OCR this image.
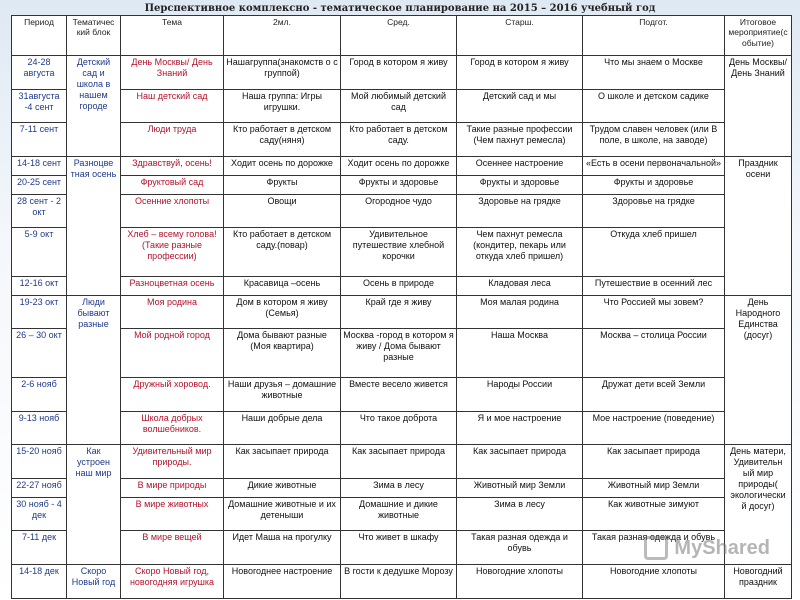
Перспективное комплексно - тематическое планирование на 2015 – 2016 учебный год
Период	Тематичес кий блок	Тема	2мл.	Сред.	Старш.	Подгот.	Итоговое мероприятие(с обытие)
24-28 августа	Детский сад и школа в нашем городе	День Москвы/ День Знаний	Нашагруппа(знакомств о с группой)	Город в котором я живу	Город в котором я живу	Что мы знаем о Москве	День Москвы/ День Знаний
31августа -4 сент		Наш детский сад	Наша группа: Игры игрушки.	Мой любимый детский сад	Детский сад и мы	О школе и детском садике	
7-11 сент		Люди труда	Кто работает в детском саду(няня)	Кто работает в детском саду.	Такие разные профессии (Чем пахнут ремесла)	Трудом славен человек (или В поле, в школе, на заводе)	
14-18 сент	Разноцве тная осень	Здравствуй, осень!	Ходит осень по дорожке	Ходит осень по дорожке	Осеннее настроение	«Есть в осени первоначальной»	Праздник осени
20-25 сент		Фруктовый сад	Фрукты	Фрукты и здоровье	Фрукты и здоровье	Фрукты и здоровье	
28 сент - 2 окт		Осенние хлопоты	Овощи	Огородное чудо	Здоровье на грядке	Здоровье на грядке	
5-9 окт		Хлеб – всему голова! (Такие разные профессии)	Кто работает в детском саду.(повар)	Удивительное путешествие хлебной корочки	Чем пахнут ремесла (кондитер, пекарь или откуда хлеб пришел)	Откуда хлеб пришел	
12-16 окт		Разноцветная осень	Красавица –осень	Осень в природе	Кладовая леса	Путешествие в осенний лес	
19-23 окт	Люди бывают разные	Моя родина	Дом в котором я живу (Семья)	Край где я живу	Моя малая родина	Что Россией мы зовем?	День Народного Единства (досуг)
26 – 30 окт		Мой родной город	Дома бывают разные (Моя квартира)	Москва -город в котором я живу / Дома бывают разные	Наша Москва	Москва – столица России	
2-6 нояб		Дружный хоровод.	Наши друзья – домашние животные	Вместе весело живется	Народы России	Дружат дети всей Земли	
9-13 нояб		Школа добрых волшебников.	Наши добрые дела	Что такое доброта	Я и мое настроение	Мое настроение (поведение)	
15-20 нояб	Как устроен наш мир	Удивительный мир природы.	Как засыпает природа	Как засыпает природа	Как засыпает природа	Как засыпает природа	День матери, Удивительн ый мир природы( экологически й досуг)
22-27 нояб		В мире природы	Дикие животные	Зима в лесу	Животный мир Земли	Животный мир Земли	
30 нояб - 4 дек		В мире животных	Домашние животные и их детеныши	Домашние и дикие животные	Зима в лесу	Как животные зимуют	
7-11 дек		В мире вещей	Идет Маша на прогулку	Что живет в шкафу	Такая разная одежда и обувь	Такая разная одежда и обувь	
14-18 дек	Скоро Новый год	Скоро Новый год, новогодняя игрушка	Новогоднее настроение	В гости к дедушке Морозу	Новогодние хлопоты	Новогодние хлопоты	Новогодний праздник
MyShared
